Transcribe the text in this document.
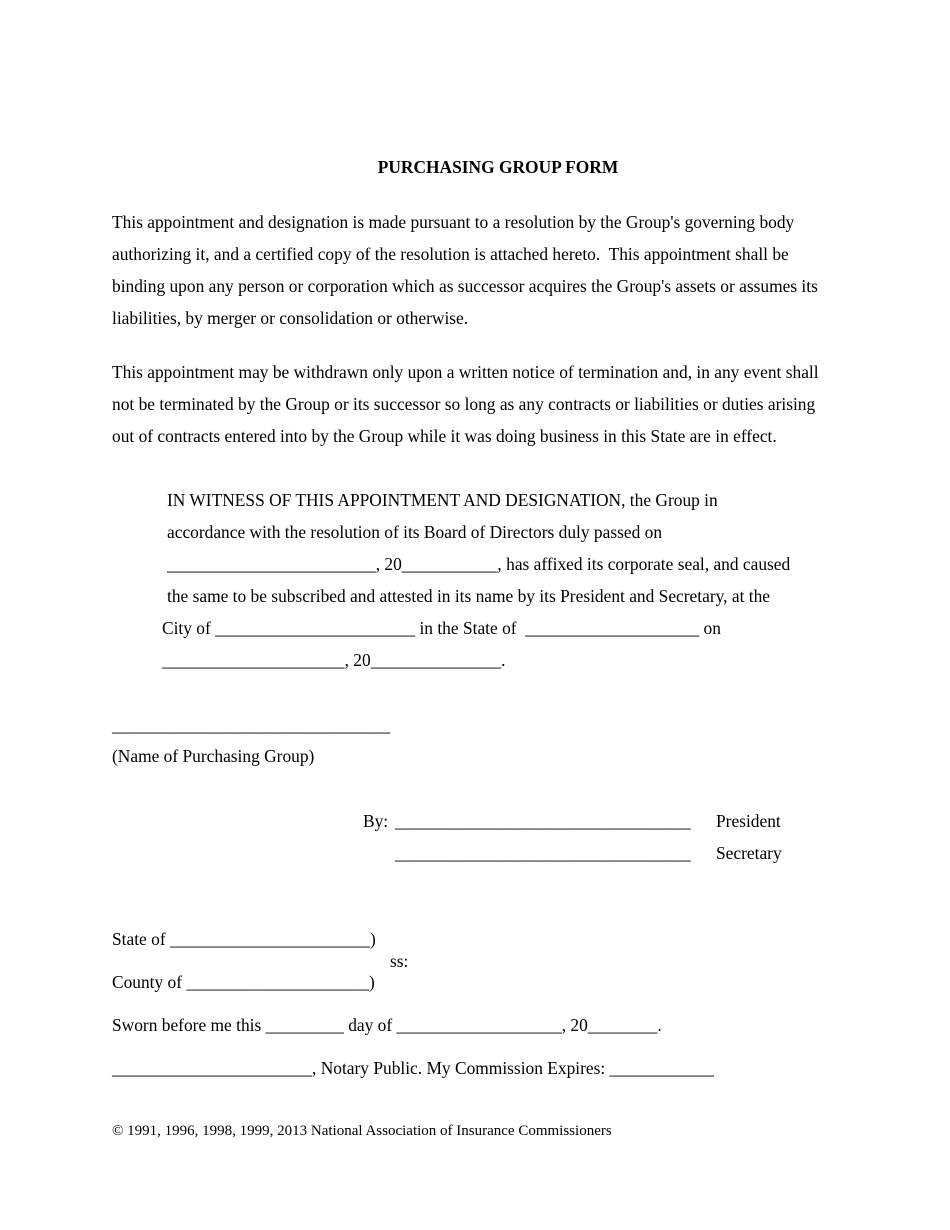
PURCHASING GROUP FORM
This appointment and designation is made pursuant to a resolution by the Group's governing body
authorizing it, and a certified copy of the resolution is attached hereto.  This appointment shall be
binding upon any person or corporation which as successor acquires the Group's assets or assumes its
liabilities, by merger or consolidation or otherwise.
This appointment may be withdrawn only upon a written notice of termination and, in any event shall
not be terminated by the Group or its successor so long as any contracts or liabilities or duties arising
out of contracts entered into by the Group while it was doing business in this State are in effect.
IN WITNESS OF THIS APPOINTMENT AND DESIGNATION, the Group in
accordance with the resolution of its Board of Directors duly passed on
________________________, 20___________, has affixed its corporate seal, and caused
the same to be subscribed and attested in its name by its President and Secretary, at the
City of _______________________ in the State of  ____________________ on
_____________________, 20_______________.
________________________________
(Name of Purchasing Group)
By: __________________________________ President
__________________________________ Secretary
State of _______________________)
ss:
County of _____________________)
Sworn before me this _________ day of ___________________, 20________.
_______________________, Notary Public. My Commission Expires: ____________
© 1991, 1996, 1998, 1999, 2013 National Association of Insurance Commissioners
